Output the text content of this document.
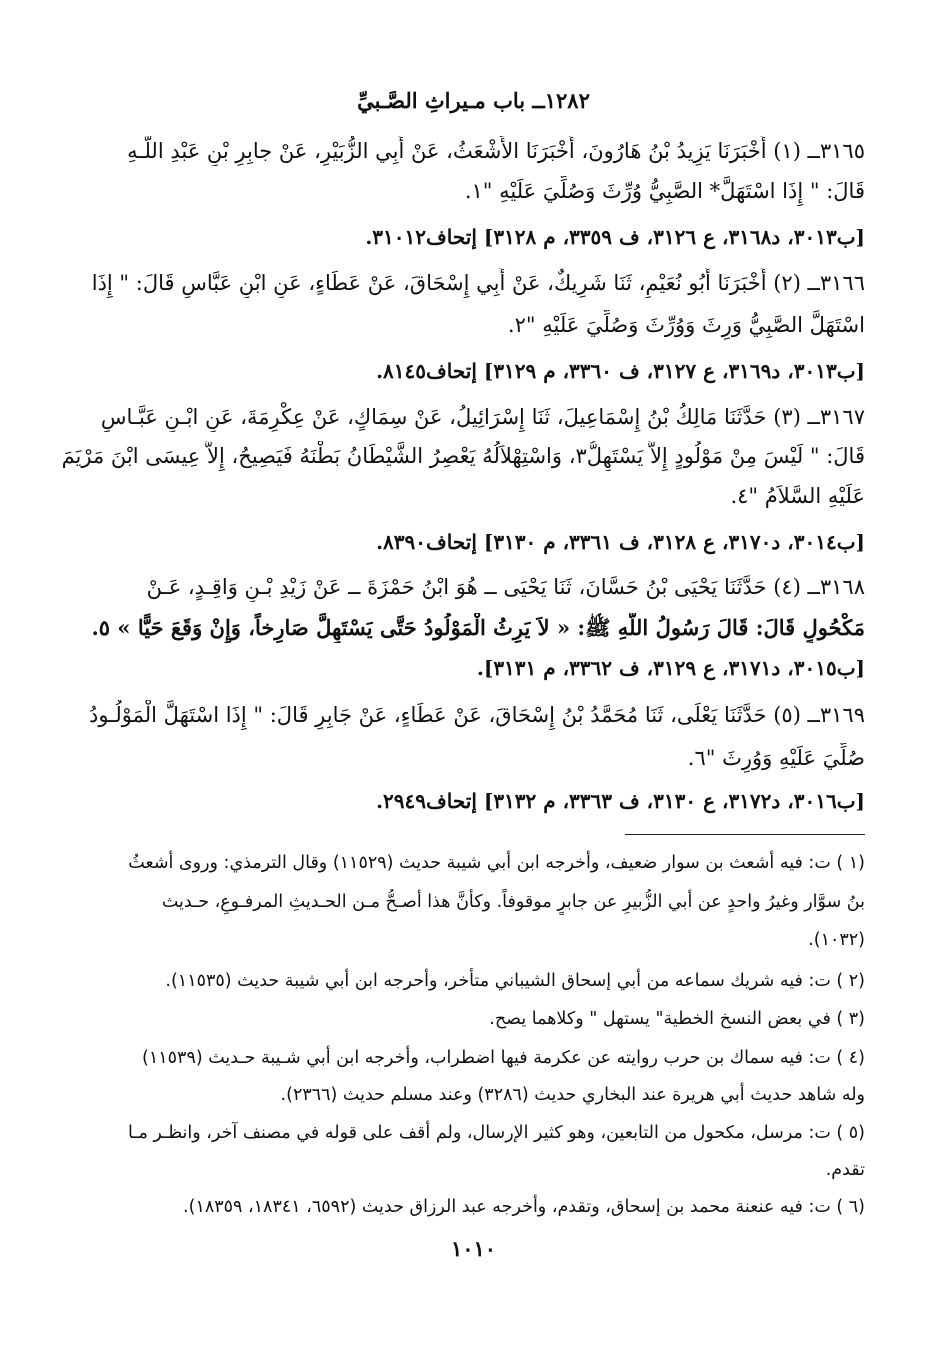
١٢٨٢ــ باب مـيراثِ الصَّـبيِّ
٣١٦٥ــ (١) أَخْبَرَنَا يَزِيدُ بْنُ هَارُونَ، أَخْبَرَنَا الأَشْعَثُ، عَنْ أَبِي الزُّبَيْرِ، عَنْ جابِرِ بْنِ عَبْدِ اللَّـهِ
قَالَ: " إِذَا اسْتَهَلَّ* الصَّبِيُّ وُرِّثَ وَصُلِّيَ عَلَيْهِ "١.
[ب٣٠١٣، د٣١٦٨، ع ٣١٢٦، ف ٣٣٥٩، م ٣١٢٨] إتحاف٣١٠١٢.
٣١٦٦ــ (٢) أَخْبَرَنَا أَبُو نُعَيْمٍ، ثَنَا شَرِيكٌ، عَنْ أَبِي إِسْحَاقَ، عَنْ عَطَاءٍ، عَنِ ابْنِ عَبَّاسٍ قَالَ: " إِذَا
اسْتَهَلَّ الصَّبِيُّ وَرِثَ وَوُرِّثَ وَصُلِّيَ عَلَيْهِ "٢.
[ب٣٠١٣، د٣١٦٩، ع ٣١٢٧، ف ٣٣٦٠، م ٣١٢٩] إتحاف٨١٤٥.
٣١٦٧ــ (٣) حَدَّثَنَا مَالِكُ بْنُ إِسْمَاعِيلَ، ثَنَا إِسْرَائِيلُ، عَنْ سِمَاكٍ، عَنْ عِكْرِمَةَ، عَنِ ابْـنِ عَبَّـاسٍ
قَالَ: " لَيْسَ مِنْ مَوْلُودٍ إِلاَّ يَسْتَهِلُّ٣، وَاسْتِهْلاَلُهُ يَعْصِرُ الشَّيْطَانُ بَطْنَهُ فَيَصِيحُ، إِلاَّ عِيسَى ابْنَ مَرْيَمَ
عَلَيْهِ السَّلاَمُ "٤.
[ب٣٠١٤، د٣١٧٠، ع ٣١٢٨، ف ٣٣٦١، م ٣١٣٠] إتحاف٨٣٩٠.
٣١٦٨ــ (٤) حَدَّثَنَا يَحْيَى بْنُ حَسَّانَ، ثَنَا يَحْيَى ــ هُوَ ابْنُ حَمْزَةَ ــ عَنْ زَيْدِ بْـنِ وَاقِـدٍ، عَـنْ
مَكْحُولٍ قَالَ: قَالَ رَسُولُ اللَّهِ ﷺ: « لاَ يَرِثُ الْمَوْلُودُ حَتَّى يَسْتَهِلَّ صَارِخاً، وَإِنْ وَقَعَ حَيًّا » ٥.
[ب٣٠١٥، د٣١٧١، ع ٣١٢٩، ف ٣٣٦٢، م ٣١٣١].
٣١٦٩ــ (٥) حَدَّثَنَا يَعْلَى، ثَنَا مُحَمَّدُ بْنُ إِسْحَاقَ، عَنْ عَطَاءٍ، عَنْ جَابِرٍ قَالَ: " إِذَا اسْتَهَلَّ الْمَوْلُـودُ
صُلِّيَ عَلَيْهِ وَوُرِثَ "٦.
[ب٣٠١٦، د٣١٧٢، ع ٣١٣٠، ف ٣٣٦٣، م ٣١٣٢] إتحاف٢٩٤٩.
(١ ) ت: فيه أشعث بن سوار ضعيف، وأخرجه ابن أبي شيبة حديث (١١٥٢٩) وقال الترمذي: وروى أشعثُ
بنُ سوَّار وغيرُ واحدٍ عن أبي الزُّبيرِ عن جابرٍ موقوفاً. وكأنَّ هذا أصـحُّ مـن الحـديثِ المرفـوعِ، حـديث
(١٠٣٢).
(٢ ) ت: فيه شريك سماعه من أبي إسحاق الشيباني متأخر، وأحرجه ابن أبي شيبة حديث (١١٥٣٥).
(٣ ) في بعض النسخ الخطية" يستهل " وكلاهما يصح.
(٤ ) ت: فيه سماك بن حرب روايته عن عكرمة فيها اضطراب، وأخرجه ابن أبي شـيبة حـديث (١١٥٣٩)
وله شاهد حديث أبي هريرة عند البخاري حديث (٣٢٨٦) وعند مسلم حديث (٢٣٦٦).
(٥ ) ت: مرسل، مكحول من التابعين، وهو كثير الإرسال، ولم أقف على قوله في مصنف آخر، وانظـر مـا
تقدم.
(٦ ) ت: فيه عنعنة محمد بن إسحاق، وتقدم، وأخرجه عبد الرزاق حديث (٦٥٩٢، ١٨٣٤١، ١٨٣٥٩).
١٠١٠
